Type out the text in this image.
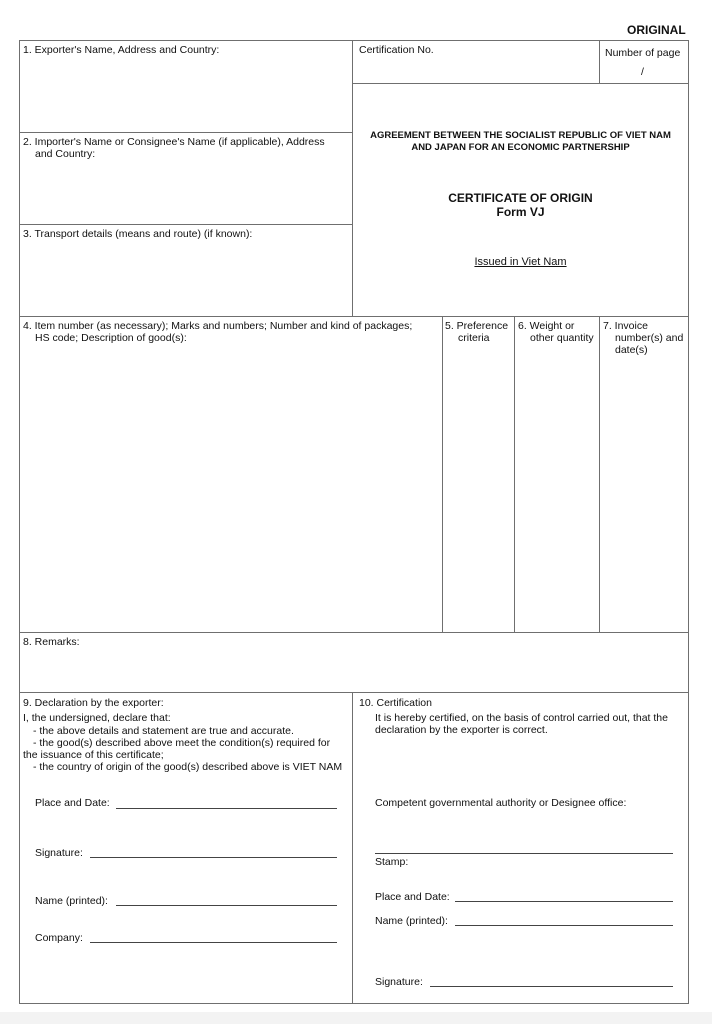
ORIGINAL
1. Exporter's Name, Address and Country:	Certification No.	Number of page
/
2. Importer's Name or Consignee's Name (if applicable), Address
and Country:
3. Transport details (means and route) (if known):
AGREEMENT BETWEEN THE SOCIALIST REPUBLIC OF VIET NAM
AND JAPAN FOR AN ECONOMIC PARTNERSHIP
CERTIFICATE OF ORIGIN
Form VJ
Issued in Viet Nam
4. Item number (as necessary); Marks and numbers; Number and kind of packages;
HS code; Description of good(s):
5. Preference
criteria
6. Weight or
other quantity
7. Invoice
number(s) and
date(s)
8. Remarks:
9. Declaration by the exporter:
I, the undersigned, declare that:
- the above details and statement are true and accurate.
- the good(s) described above meet the condition(s) required for
the issuance of this certificate;
- the country of origin of the good(s) described above is VIET NAM
Place and Date:
Signature:
Name (printed):
Company:
10. Certification
It is hereby certified, on the basis of control carried out, that the
declaration by the exporter is correct.
Competent governmental authority or Designee office:
Stamp:
Place and Date:
Name (printed):
Signature:
